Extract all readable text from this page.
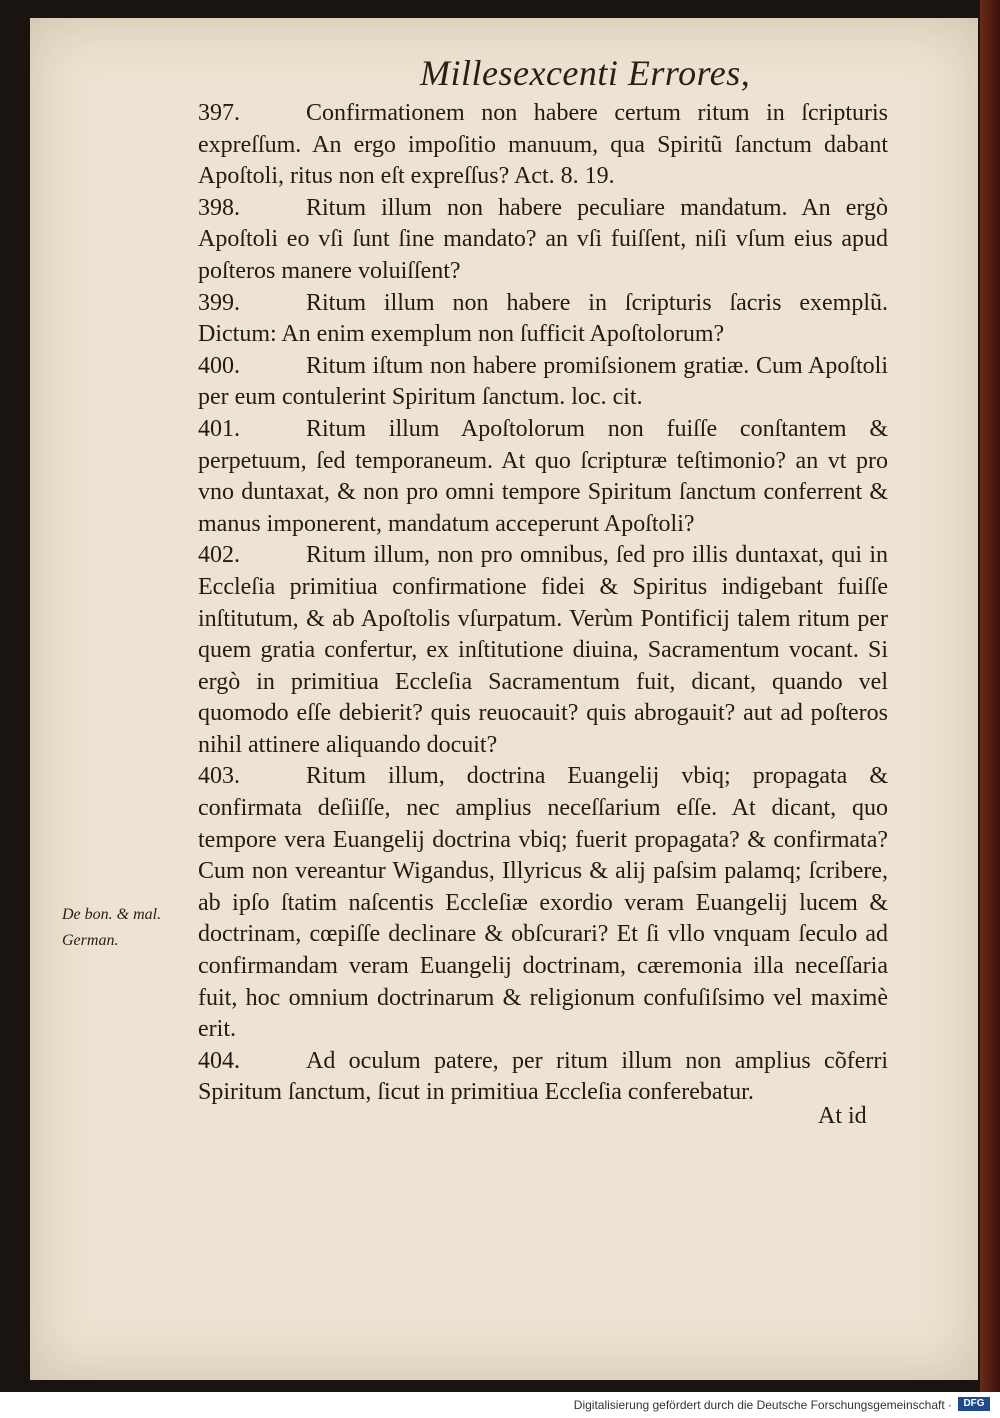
Millesexcenti Errores,

397.	Confirmationem non habere certum ritum in ſcripturis expreſſum. An ergo impoſitio manuum, qua Spiritũ ſanctum dabant Apoſtoli, ritus non eſt expreſſus? Act. 8. 19.

398.	Ritum illum non habere peculiare mandatum. An ergò Apoſtoli eo vſi ſunt ſine mandato? an vſi fuiſſent, niſi vſum eius apud poſteros manere voluiſſent?

399.	Ritum illum non habere in ſcripturis ſacris exemplũ. Dictum: An enim exemplum non ſufficit Apoſtolorum?

400.	Ritum iſtum non habere promiſsionem gratiæ. Cum Apoſtoli per eum contulerint Spiritum ſanctum. loc. cit.

401.	Ritum illum Apoſtolorum non fuiſſe conſtantem & perpetuum, ſed temporaneum. At quo ſcripturæ teſtimonio? an vt pro vno duntaxat, & non pro omni tempore Spiritum ſanctum conferrent & manus imponerent, mandatum acceperunt Apoſtoli?

402.	Ritum illum, non pro omnibus, ſed pro illis duntaxat, qui in Eccleſia primitiua confirmatione fidei & Spiritus indigebant fuiſſe inſtitutum, & ab Apoſtolis vſurpatum. Verùm Pontificij talem ritum per quem gratia confertur, ex inſtitutione diuina, Sacramentum vocant. Si ergò in primitiua Eccleſia Sacramentum fuit, dicant, quando vel quomodo eſſe debierit? quis reuocauit? quis abrogauit? aut ad poſteros nihil attinere aliquando docuit?

403.	Ritum illum, doctrina Euangelij vbiq; propagata & confirmata deſiiſſe, nec amplius neceſſarium eſſe. At dicant, quo tempore vera Euangelij doctrina vbiq; fuerit propagata? & confirmata? Cum non vereantur Wigandus, Illyricus & alij paſsim palamq; ſcribere, ab ipſo ſtatim naſcentis Eccleſiæ exordio veram Euangelij lucem & doctrinam, cœpiſſe declinare & obſcurari? Et ſi vllo vnquam ſeculo ad confirmandam veram Euangelij doctrinam, cæremonia illa neceſſaria fuit, hoc omnium doctrinarum & religionum confuſiſsimo vel maximè erit.

404.	Ad oculum patere, per ritum illum non amplius cõferri Spiritum ſanctum, ſicut in primitiua Eccleſia conferebatur.

De bon. & mal.
German.
At id
Digitalisierung gefördert durch die Deutsche Forschungsgemeinschaft ·	DFG
